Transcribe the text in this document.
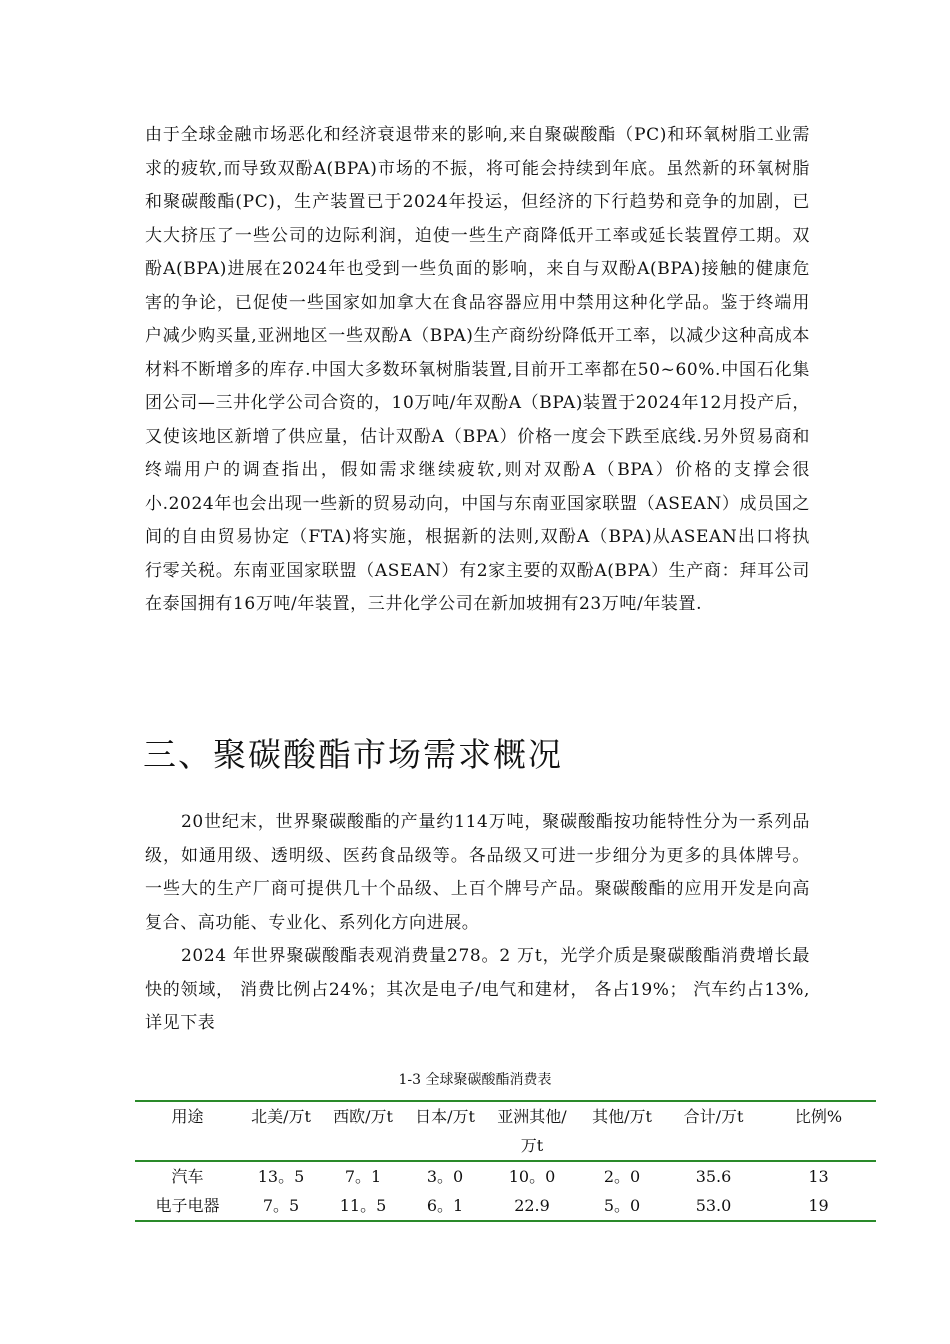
由于全球金融市场恶化和经济衰退带来的影响,来自聚碳酸酯（PC)和环氧树脂工业需求的疲软,而导致双酚A(BPA)市场的不振，将可能会持续到年底。虽然新的环氧树脂和聚碳酸酯(PC)，生产装置已于2024年投运，但经济的下行趋势和竞争的加剧，已大大挤压了一些公司的边际利润，迫使一些生产商降低开工率或延长装置停工期。双酚A(BPA)进展在2024年也受到一些负面的影响，来自与双酚A(BPA)接触的健康危害的争论，已促使一些国家如加拿大在食品容器应用中禁用这种化学品。鉴于终端用户减少购买量,亚洲地区一些双酚A（BPA)生产商纷纷降低开工率，以减少这种高成本材料不断增多的库存.中国大多数环氧树脂装置,目前开工率都在50~60%.中国石化集团公司—三井化学公司合资的，10万吨/年双酚A（BPA)装置于2024年12月投产后，又使该地区新增了供应量，估计双酚A（BPA）价格一度会下跌至底线.另外贸易商和终端用户的调查指出，假如需求继续疲软,则对双酚A（BPA）价格的支撑会很小.2024年也会出现一些新的贸易动向，中国与东南亚国家联盟（ASEAN）成员国之间的自由贸易协定（FTA)将实施，根据新的法则,双酚A（BPA)从ASEAN出口将执行零关税。东南亚国家联盟（ASEAN）有2家主要的双酚A(BPA）生产商：拜耳公司在泰国拥有16万吨/年装置，三井化学公司在新加坡拥有23万吨/年装置.

三、聚碳酸酯市场需求概况

20世纪末，世界聚碳酸酯的产量约114万吨，聚碳酸酯按功能特性分为一系列品级，如通用级、透明级、医药食品级等。各品级又可进一步细分为更多的具体牌号。一些大的生产厂商可提供几十个品级、上百个牌号产品。聚碳酸酯的应用开发是向高复合、高功能、专业化、系列化方向进展。

2024 年世界聚碳酸酯表观消费量278。2 万t，光学介质是聚碳酸酯消费增长最快的领域， 消费比例占24%；其次是电子/电气和建材， 各占19%； 汽车约占13%,详见下表

1-3 全球聚碳酸酯消费表
用途	北美/万t	西欧/万t	日本/万t	亚洲其他/万t	其他/万t	合计/万t	比例%
汽车	13。5	7。1	3。0	10。0	2。0	35.6	13
电子电器	7。5	11。5	6。1	22.9	5。0	53.0	19
